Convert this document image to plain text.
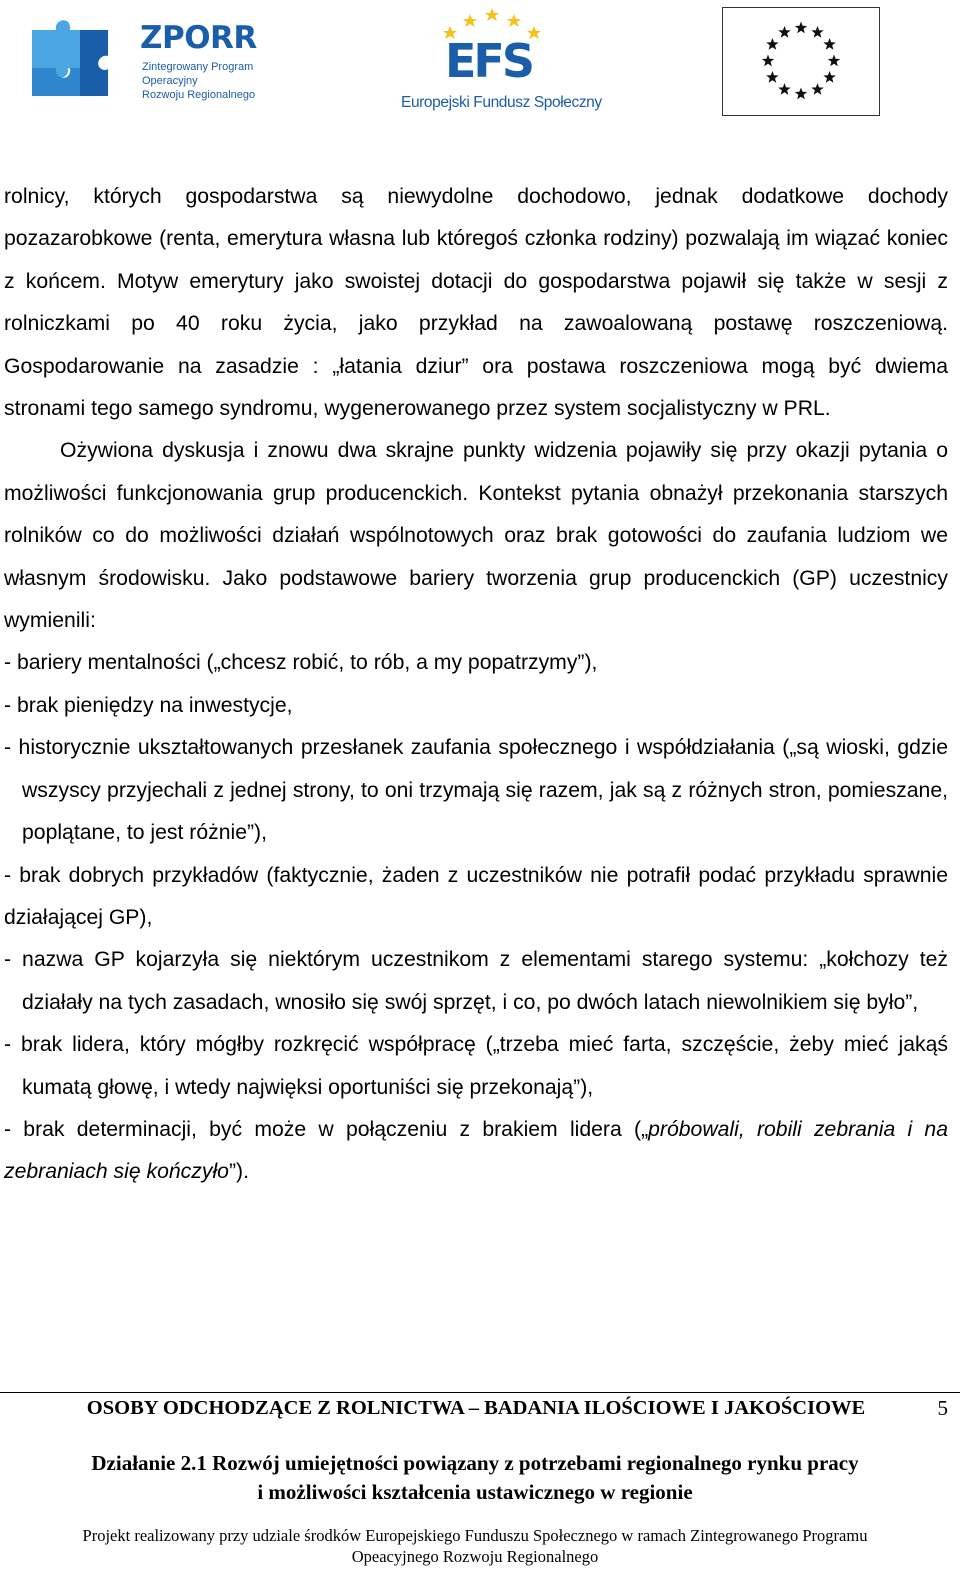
ZPORR
Zintegrowany Program
Operacyjny
Rozwoju Regionalnego
EFS
Europejski Fundusz Społeczny

rolnicy, których gospodarstwa są niewydolne dochodowo, jednak dodatkowe dochody pozazarobkowe (renta, emerytura własna lub któregoś członka rodziny) pozwalają im wiązać koniec z końcem. Motyw emerytury jako swoistej dotacji do gospodarstwa pojawił się także w sesji z rolniczkami po 40 roku życia, jako przykład na zawoalowaną postawę roszczeniową. Gospodarowanie na zasadzie : „łatania dziur” ora postawa roszczeniowa mogą być dwiema stronami tego samego syndromu, wygenerowanego przez system socjalistyczny w PRL.

Ożywiona dyskusja i znowu dwa skrajne punkty widzenia pojawiły się przy okazji pytania o możliwości funkcjonowania grup producenckich. Kontekst pytania obnażył przekonania starszych rolników co do możliwości działań wspólnotowych oraz brak gotowości do zaufania ludziom we własnym środowisku. Jako podstawowe bariery tworzenia grup producenckich (GP) uczestnicy wymienili:

- bariery mentalności („chcesz robić, to rób, a my popatrzymy”),

- brak pieniędzy na inwestycje,

- historycznie ukształtowanych przesłanek zaufania społecznego i współdziałania („są wioski, gdzie wszyscy przyjechali z jednej strony, to oni trzymają się razem, jak są z różnych stron, pomieszane, poplątane, to jest różnie”),

- brak dobrych przykładów (faktycznie, żaden z uczestników nie potrafił podać przykładu sprawnie działającej GP),

- nazwa GP kojarzyła się niektórym uczestnikom z elementami starego systemu: „kołchozy też działały na tych zasadach, wnosiło się swój sprzęt, i co, po dwóch latach niewolnikiem się było”,

- brak lidera, który mógłby rozkręcić współpracę („trzeba mieć farta, szczęście, żeby mieć jakąś kumatą głowę, i wtedy najwięksi oportuniści się przekonają”),

- brak determinacji, być może w połączeniu z brakiem lidera („próbowali, robili zebrania i na zebraniach się kończyło”).

OSOBY ODCHODZĄCE Z ROLNICTWA – BADANIA ILOŚCIOWE I JAKOŚCIOWE	5
Działanie 2.1 Rozwój umiejętności powiązany z potrzebami regionalnego rynku pracy
i możliwości kształcenia ustawicznego w regionie
Projekt realizowany przy udziale środków Europejskiego Funduszu Społecznego w ramach Zintegrowanego Programu
Opeacyjnego Rozwoju Regionalnego
